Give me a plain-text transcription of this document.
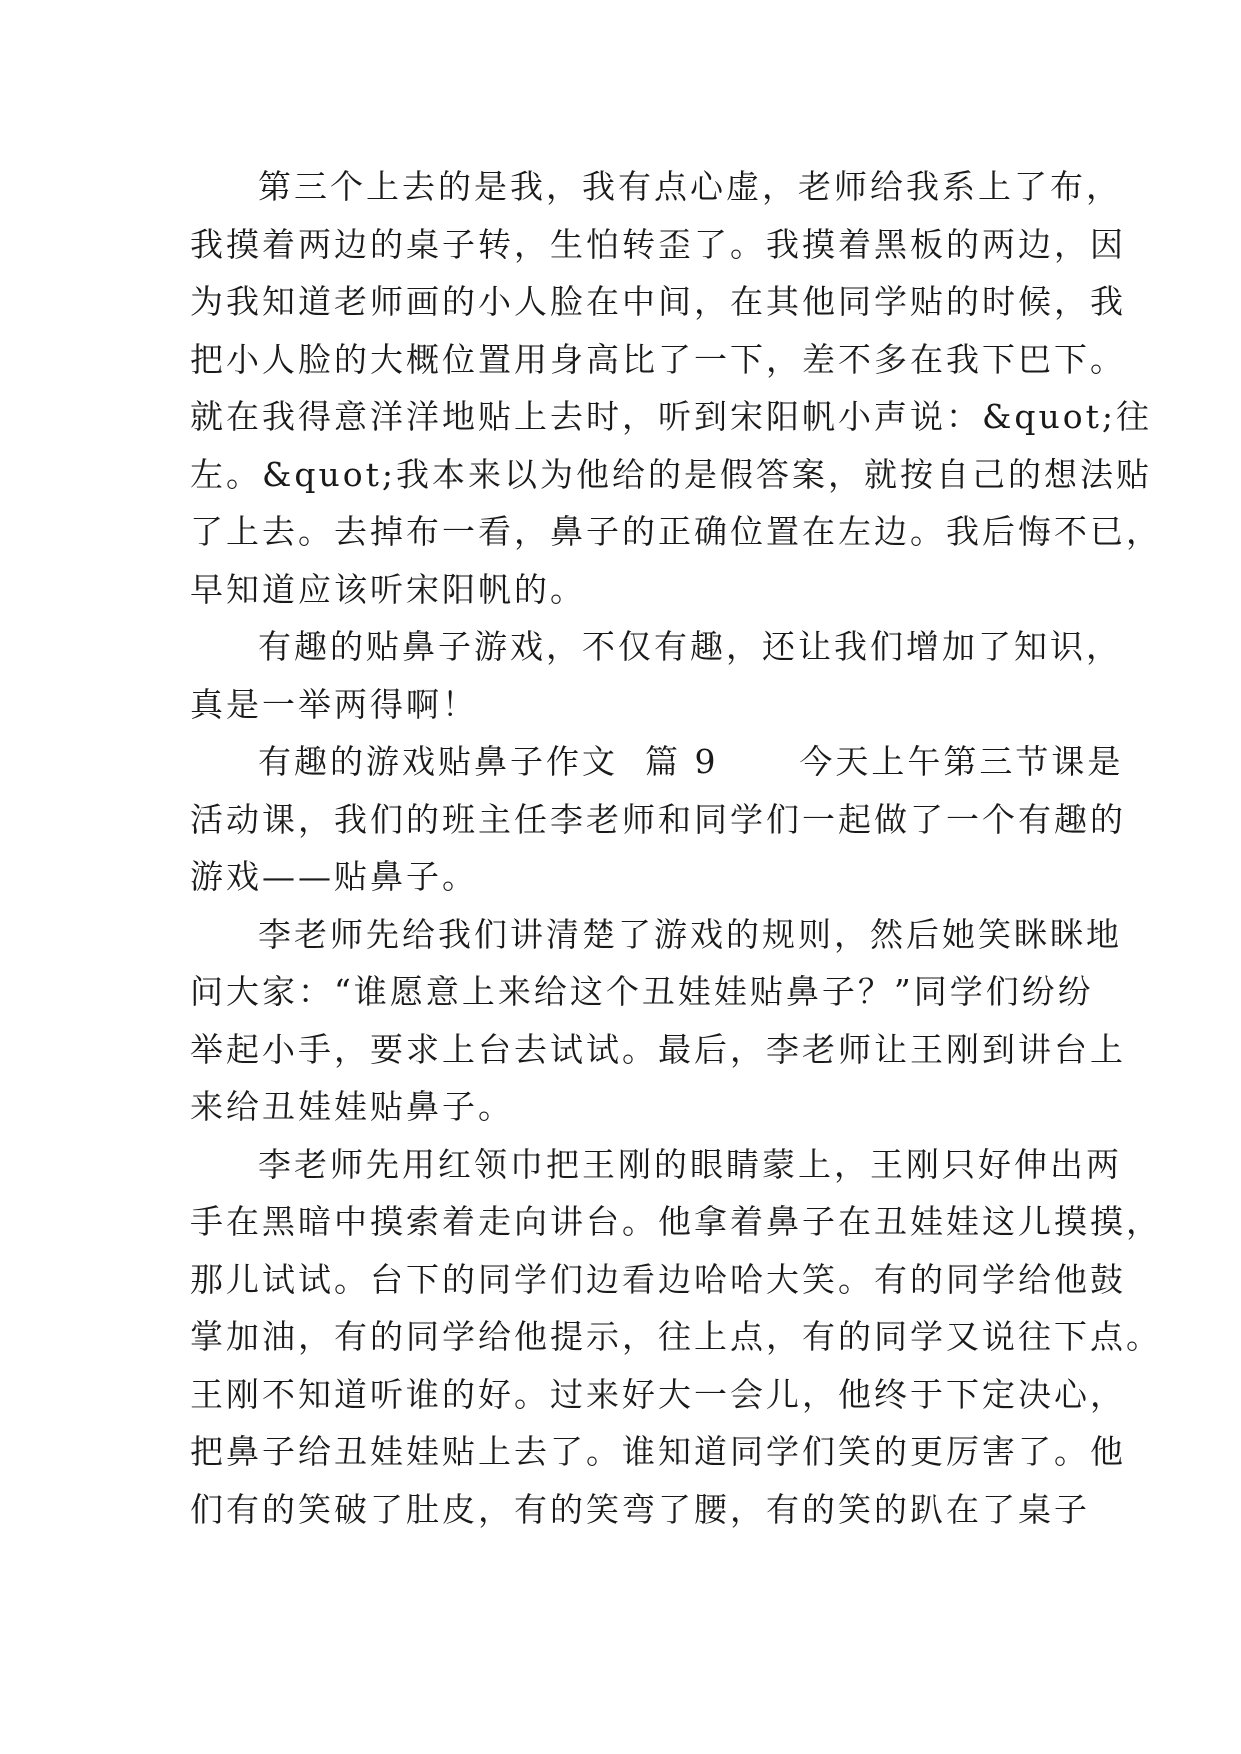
第三个上去的是我，我有点心虚，老师给我系上了布，
我摸着两边的桌子转，生怕转歪了。我摸着黑板的两边，因
为我知道老师画的小人脸在中间，在其他同学贴的时候，我
把小人脸的大概位置用身高比了一下，差不多在我下巴下。
就在我得意洋洋地贴上去时，听到宋阳帆小声说：&quot;往
左。&quot;我本来以为他给的是假答案，就按自己的想法贴
了上去。去掉布一看，鼻子的正确位置在左边。我后悔不已，
早知道应该听宋阳帆的。
有趣的贴鼻子游戏，不仅有趣，还让我们增加了知识，
真是一举两得啊！
有趣的游戏贴鼻子作文  篇 9      今天上午第三节课是
活动课，我们的班主任李老师和同学们一起做了一个有趣的
游戏——贴鼻子。
李老师先给我们讲清楚了游戏的规则，然后她笑眯眯地
问大家：“谁愿意上来给这个丑娃娃贴鼻子？”同学们纷纷
举起小手，要求上台去试试。最后，李老师让王刚到讲台上
来给丑娃娃贴鼻子。
李老师先用红领巾把王刚的眼睛蒙上，王刚只好伸出两
手在黑暗中摸索着走向讲台。他拿着鼻子在丑娃娃这儿摸摸，
那儿试试。台下的同学们边看边哈哈大笑。有的同学给他鼓
掌加油，有的同学给他提示，往上点，有的同学又说往下点。
王刚不知道听谁的好。过来好大一会儿，他终于下定决心，
把鼻子给丑娃娃贴上去了。谁知道同学们笑的更厉害了。他
们有的笑破了肚皮，有的笑弯了腰，有的笑的趴在了桌子
